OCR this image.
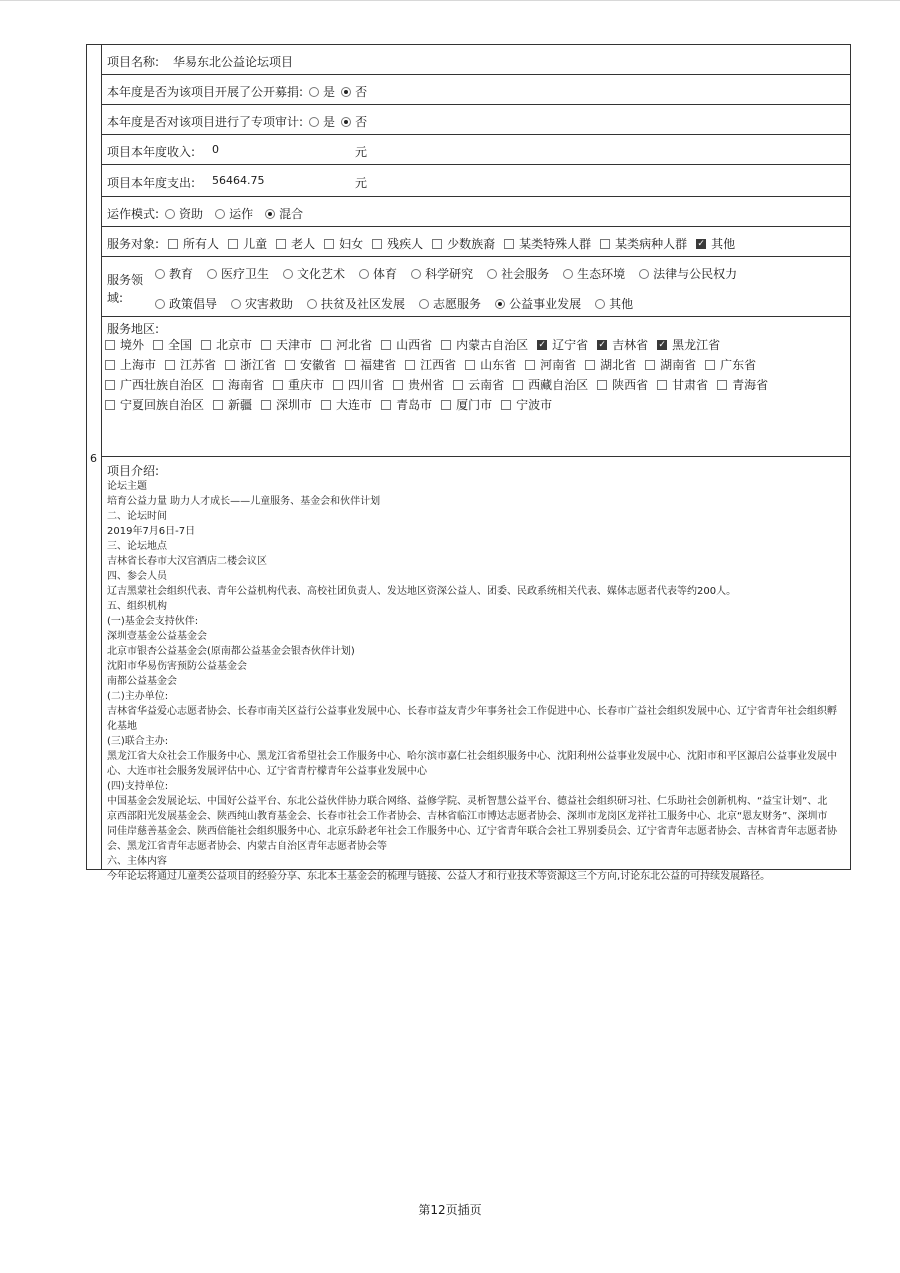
6
项目名称: 华易东北公益论坛项目
本年度是否为该项目开展了公开募捐: 是 否
本年度是否对该项目进行了专项审计: 是 否
项目本年度收入: 0	元
项目本年度支出: 56464.75	元
运作模式: 资助 运作 混合
服务对象: 所有人 儿童 老人 妇女 残疾人 少数族裔 某类特殊人群 某类病种人群 ✓ 其他
服务领
域:
教育 医疗卫生 文化艺术 体育 科学研究 社会服务 生态环境 法律与公民权力
政策倡导 灾害救助 扶贫及社区发展 志愿服务 公益事业发展 其他
服务地区:
境外 全国 北京市 天津市 河北省 山西省 内蒙古自治区 ✓ 辽宁省 ✓ 吉林省 ✓ 黑龙江省
上海市 江苏省 浙江省 安徽省 福建省 江西省 山东省 河南省 湖北省 湖南省 广东省
广西壮族自治区 海南省 重庆市 四川省 贵州省 云南省 西藏自治区 陕西省 甘肃省 青海省
宁夏回族自治区 新疆 深圳市 大连市 青岛市 厦门市 宁波市
项目介绍:
论坛主题
培育公益力量 助力人才成长——儿童服务、基金会和伙伴计划
二、论坛时间
2019年7月6日-7日
三、论坛地点
吉林省长春市大汉宫酒店二楼会议区
四、参会人员
辽吉黑蒙社会组织代表、青年公益机构代表、高校社团负责人、发达地区资深公益人、团委、民政系统相关代表、媒体志愿者代表等约200人。
五、组织机构
(一)基金会支持伙伴:
深圳壹基金公益基金会
北京市银杏公益基金会(原南都公益基金会银杏伙伴计划)
沈阳市华易伤害预防公益基金会
南都公益基金会
(二)主办单位:
吉林省华益爱心志愿者协会、长春市南关区益行公益事业发展中心、长春市益友青少年事务社会工作促进中心、长春市广益社会组织发展中心、辽宁省青年社会组织孵化基地
(三)联合主办:
黑龙江省大众社会工作服务中心、黑龙江省希望社会工作服务中心、哈尔滨市嘉仁社会组织服务中心、沈阳利州公益事业发展中心、沈阳市和平区源启公益事业发展中心、大连市社会服务发展评估中心、辽宁省青柠檬青年公益事业发展中心
(四)支持单位:
中国基金会发展论坛、中国好公益平台、东北公益伙伴协力联合网络、益修学院、灵析智慧公益平台、德益社会组织研习社、仁乐助社会创新机构、“益宝计划”、北京西部阳光发展基金会、陕西纯山教育基金会、长春市社会工作者协会、吉林省临江市博达志愿者协会、深圳市龙岗区龙祥社工服务中心、北京“恩友财务”、深圳市同佳岸慈善基金会、陕西倍能社会组织服务中心、北京乐龄老年社会工作服务中心、辽宁省青年联合会社工界别委员会、辽宁省青年志愿者协会、吉林省青年志愿者协会、黑龙江省青年志愿者协会、内蒙古自治区青年志愿者协会等
六、主体内容
今年论坛将通过儿童类公益项目的经验分享、东北本土基金会的梳理与链接、公益人才和行业技术等资源这三个方向,讨论东北公益的可持续发展路径。
第12页插页
